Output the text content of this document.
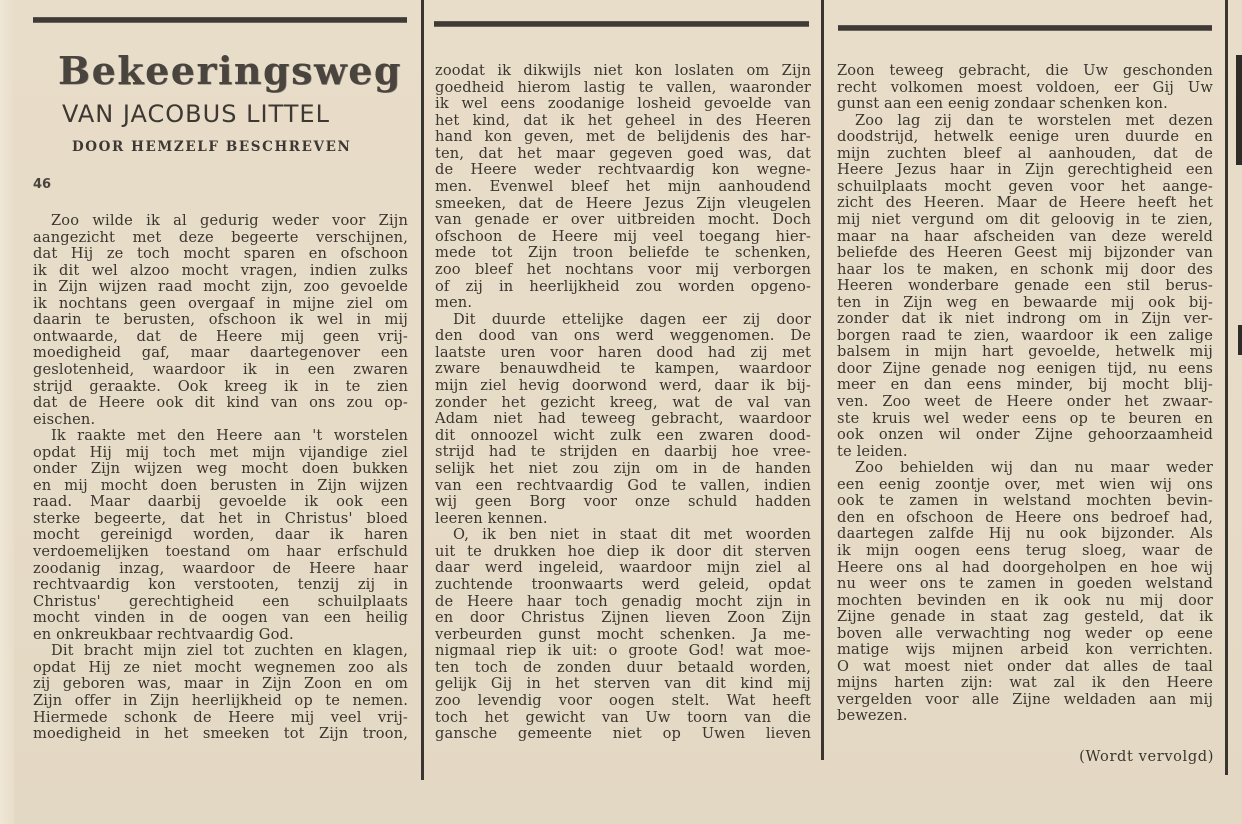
Bekeeringsweg
VAN JACOBUS LITTEL
DOOR HEMZELF BESCHREVEN
46
Zoo wilde ik al gedurig weder voor Zijn
aangezicht met deze begeerte verschijnen,
dat Hij ze toch mocht sparen en ofschoon
ik dit wel alzoo mocht vragen, indien zulks
in Zijn wijzen raad mocht zijn, zoo gevoelde
ik nochtans geen overgaaf in mijne ziel om
daarin te berusten, ofschoon ik wel in mij
ontwaarde, dat de Heere mij geen vrij-
moedigheid gaf, maar daartegenover een
geslotenheid, waardoor ik in een zwaren
strijd geraakte. Ook kreeg ik in te zien
dat de Heere ook dit kind van ons zou op-
eischen.
Ik raakte met den Heere aan 't worstelen
opdat Hij mij toch met mijn vijandige ziel
onder Zijn wijzen weg mocht doen bukken
en mij mocht doen berusten in Zijn wijzen
raad. Maar daarbij gevoelde ik ook een
sterke begeerte, dat het in Christus' bloed
mocht gereinigd worden, daar ik haren
verdoemelijken toestand om haar erfschuld
zoodanig inzag, waardoor de Heere haar
rechtvaardig kon verstooten, tenzij zij in
Christus' gerechtigheid een schuilplaats
mocht vinden in de oogen van een heilig
en onkreukbaar rechtvaardig God.
Dit bracht mijn ziel tot zuchten en klagen,
opdat Hij ze niet mocht wegnemen zoo als
zij geboren was, maar in Zijn Zoon en om
Zijn offer in Zijn heerlijkheid op te nemen.
Hiermede schonk de Heere mij veel vrij-
moedigheid in het smeeken tot Zijn troon,
zoodat ik dikwijls niet kon loslaten om Zijn
goedheid hierom lastig te vallen, waaronder
ik wel eens zoodanige losheid gevoelde van
het kind, dat ik het geheel in des Heeren
hand kon geven, met de belijdenis des har-
ten, dat het maar gegeven goed was, dat
de Heere weder rechtvaardig kon wegne-
men. Evenwel bleef het mijn aanhoudend
smeeken, dat de Heere Jezus Zijn vleugelen
van genade er over uitbreiden mocht. Doch
ofschoon de Heere mij veel toegang hier-
mede tot Zijn troon beliefde te schenken,
zoo bleef het nochtans voor mij verborgen
of zij in heerlijkheid zou worden opgeno-
men.
Dit duurde ettelijke dagen eer zij door
den dood van ons werd weggenomen. De
laatste uren voor haren dood had zij met
zware benauwdheid te kampen, waardoor
mijn ziel hevig doorwond werd, daar ik bij-
zonder het gezicht kreeg, wat de val van
Adam niet had teweeg gebracht, waardoor
dit onnoozel wicht zulk een zwaren dood-
strijd had te strijden en daarbij hoe vree-
selijk het niet zou zijn om in de handen
van een rechtvaardig God te vallen, indien
wij geen Borg voor onze schuld hadden
leeren kennen.
O, ik ben niet in staat dit met woorden
uit te drukken hoe diep ik door dit sterven
daar werd ingeleid, waardoor mijn ziel al
zuchtende troonwaarts werd geleid, opdat
de Heere haar toch genadig mocht zijn in
en door Christus Zijnen lieven Zoon Zijn
verbeurden gunst mocht schenken. Ja me-
nigmaal riep ik uit: o groote God! wat moe-
ten toch de zonden duur betaald worden,
gelijk Gij in het sterven van dit kind mij
zoo levendig voor oogen stelt. Wat heeft
toch het gewicht van Uw toorn van die
gansche gemeente niet op Uwen lieven
Zoon teweeg gebracht, die Uw geschonden
recht volkomen moest voldoen, eer Gij Uw
gunst aan een eenig zondaar schenken kon.
Zoo lag zij dan te worstelen met dezen
doodstrijd, hetwelk eenige uren duurde en
mijn zuchten bleef al aanhouden, dat de
Heere Jezus haar in Zijn gerechtigheid een
schuilplaats mocht geven voor het aange-
zicht des Heeren. Maar de Heere heeft het
mij niet vergund om dit geloovig in te zien,
maar na haar afscheiden van deze wereld
beliefde des Heeren Geest mij bijzonder van
haar los te maken, en schonk mij door des
Heeren wonderbare genade een stil berus-
ten in Zijn weg en bewaarde mij ook bij-
zonder dat ik niet indrong om in Zijn ver-
borgen raad te zien, waardoor ik een zalige
balsem in mijn hart gevoelde, hetwelk mij
door Zijne genade nog eenigen tijd, nu eens
meer en dan eens minder, bij mocht blij-
ven. Zoo weet de Heere onder het zwaar-
ste kruis wel weder eens op te beuren en
ook onzen wil onder Zijne gehoorzaamheid
te leiden.
Zoo behielden wij dan nu maar weder
een eenig zoontje over, met wien wij ons
ook te zamen in welstand mochten bevin-
den en ofschoon de Heere ons bedroef had,
daartegen zalfde Hij nu ook bijzonder. Als
ik mijn oogen eens terug sloeg, waar de
Heere ons al had doorgeholpen en hoe wij
nu weer ons te zamen in goeden welstand
mochten bevinden en ik ook nu mij door
Zijne genade in staat zag gesteld, dat ik
boven alle verwachting nog weder op eene
matige wijs mijnen arbeid kon verrichten.
O wat moest niet onder dat alles de taal
mijns harten zijn: wat zal ik den Heere
vergelden voor alle Zijne weldaden aan mij
bewezen.
(Wordt vervolgd)
